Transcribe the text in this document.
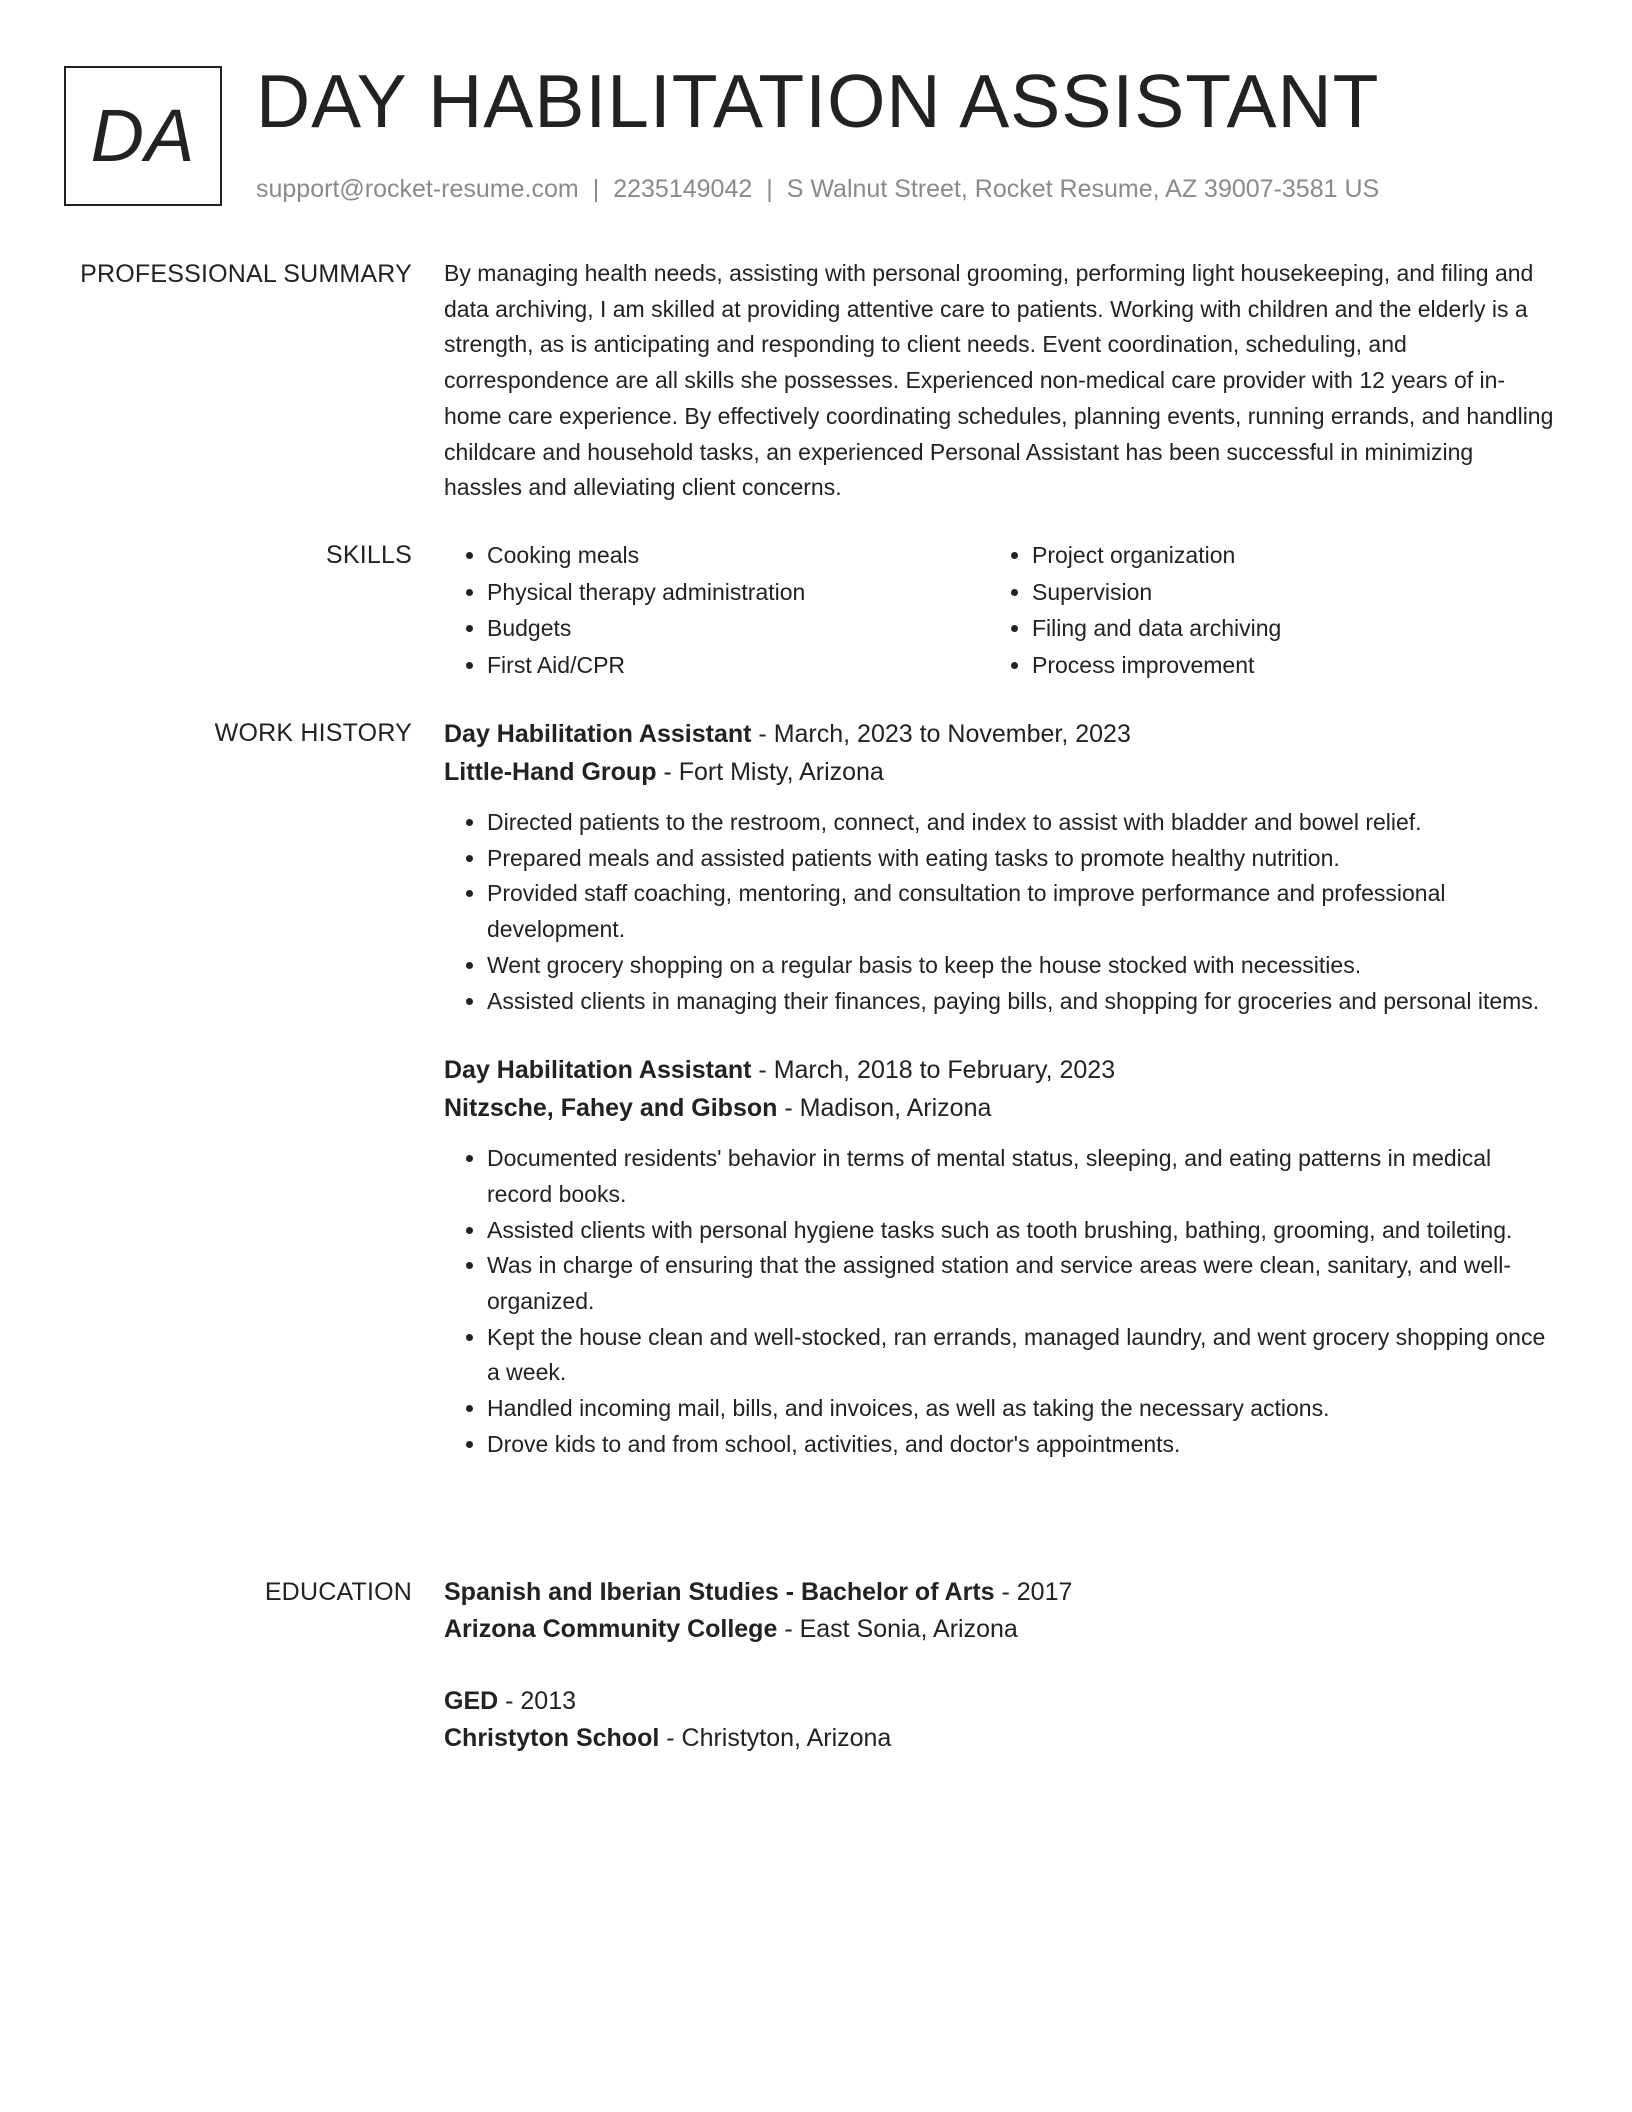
DA DAY HABILITATION ASSISTANT
support@rocket-resume.com | 2235149042 | S Walnut Street, Rocket Resume, AZ 39007-3581 US
PROFESSIONAL SUMMARY By managing health needs, assisting with personal grooming, performing light housekeeping, and filing and data archiving, I am skilled at providing attentive care to patients. Working with children and the elderly is a strength, as is anticipating and responding to client needs. Event coordination, scheduling, and correspondence are all skills she possesses. Experienced non-medical care provider with 12 years of in-home care experience. By effectively coordinating schedules, planning events, running errands, and handling childcare and household tasks, an experienced Personal Assistant has been successful in minimizing hassles and alleviating client concerns.

SKILLS
•	Cooking meals
• Physical therapy administration
• Budgets
• First Aid/CPR
• Project organization
• Supervision
• Filing and data archiving
• Process improvement
WORK HISTORY Day Habilitation Assistant - March, 2023 to November, 2023
Little-Hand Group - Fort Misty, Arizona
• Directed patients to the restroom, connect, and index to assist with bladder and bowel relief.
• Prepared meals and assisted patients with eating tasks to promote healthy nutrition.
• Provided staff coaching, mentoring, and consultation to improve performance and professional development.
• Went grocery shopping on a regular basis to keep the house stocked with necessities.
• Assisted clients in managing their finances, paying bills, and shopping for groceries and personal items.
Day Habilitation Assistant - March, 2018 to February, 2023
Nitzsche, Fahey and Gibson - Madison, Arizona
• Documented residents' behavior in terms of mental status, sleeping, and eating patterns in medical record books.
• Assisted clients with personal hygiene tasks such as tooth brushing, bathing, grooming, and toileting.
• Was in charge of ensuring that the assigned station and service areas were clean, sanitary, and well-organized.
• Kept the house clean and well-stocked, ran errands, managed laundry, and went grocery shopping once a week.
• Handled incoming mail, bills, and invoices, as well as taking the necessary actions.
• Drove kids to and from school, activities, and doctor's appointments.
EDUCATION Spanish and Iberian Studies - Bachelor of Arts - 2017
Arizona Community College - East Sonia, Arizona
GED - 2013
Christyton School - Christyton, Arizona
